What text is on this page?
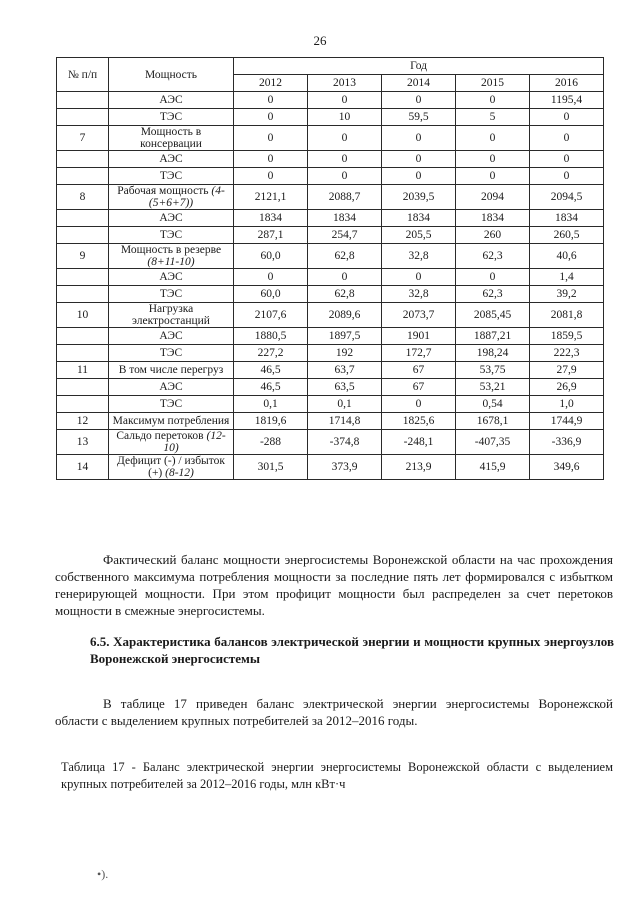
26
№ п/п	Мощность	Год				
		2012	2013	2014	2015	2016
	АЭС	0	0	0	0	1195,4
	ТЭС	0	10	59,5	5	0
7	Мощность в консервации	0	0	0	0	0
	АЭС	0	0	0	0	0
	ТЭС	0	0	0	0	0
8	Рабочая мощность (4-(5+6+7))	2121,1	2088,7	2039,5	2094	2094,5
	АЭС	1834	1834	1834	1834	1834
	ТЭС	287,1	254,7	205,5	260	260,5
9	Мощность в резерве (8+11-10)	60,0	62,8	32,8	62,3	40,6
	АЭС	0	0	0	0	1,4
	ТЭС	60,0	62,8	32,8	62,3	39,2
10	Нагрузка электростанций	2107,6	2089,6	2073,7	2085,45	2081,8
	АЭС	1880,5	1897,5	1901	1887,21	1859,5
	ТЭС	227,2	192	172,7	198,24	222,3
11	В том числе перегруз	46,5	63,7	67	53,75	27,9
	АЭС	46,5	63,5	67	53,21	26,9
	ТЭС	0,1	0,1	0	0,54	1,0
12	Максимум потребления	1819,6	1714,8	1825,6	1678,1	1744,9
13	Сальдо перетоков (12-10)	-288	-374,8	-248,1	-407,35	-336,9
14	Дефицит (-) / избыток (+) (8-12)	301,5	373,9	213,9	415,9	349,6
Фактический баланс мощности энергосистемы Воронежской области на час прохождения собственного максимума потребления мощности за последние пять лет формировался с избытком генерирующей мощности. При этом профицит мощности был распределен за счет перетоков мощности в смежные энергосистемы.
6.5. Характеристика балансов электрической энергии и мощности крупных энергоузлов Воронежской энергосистемы
В таблице 17 приведен баланс электрической энергии энергосистемы Воронежской области с выделением крупных потребителей за 2012–2016 годы.
Таблица 17 - Баланс электрической энергии энергосистемы Воронежской области с выделением крупных потребителей за 2012–2016 годы, млн кВт·ч
•).
